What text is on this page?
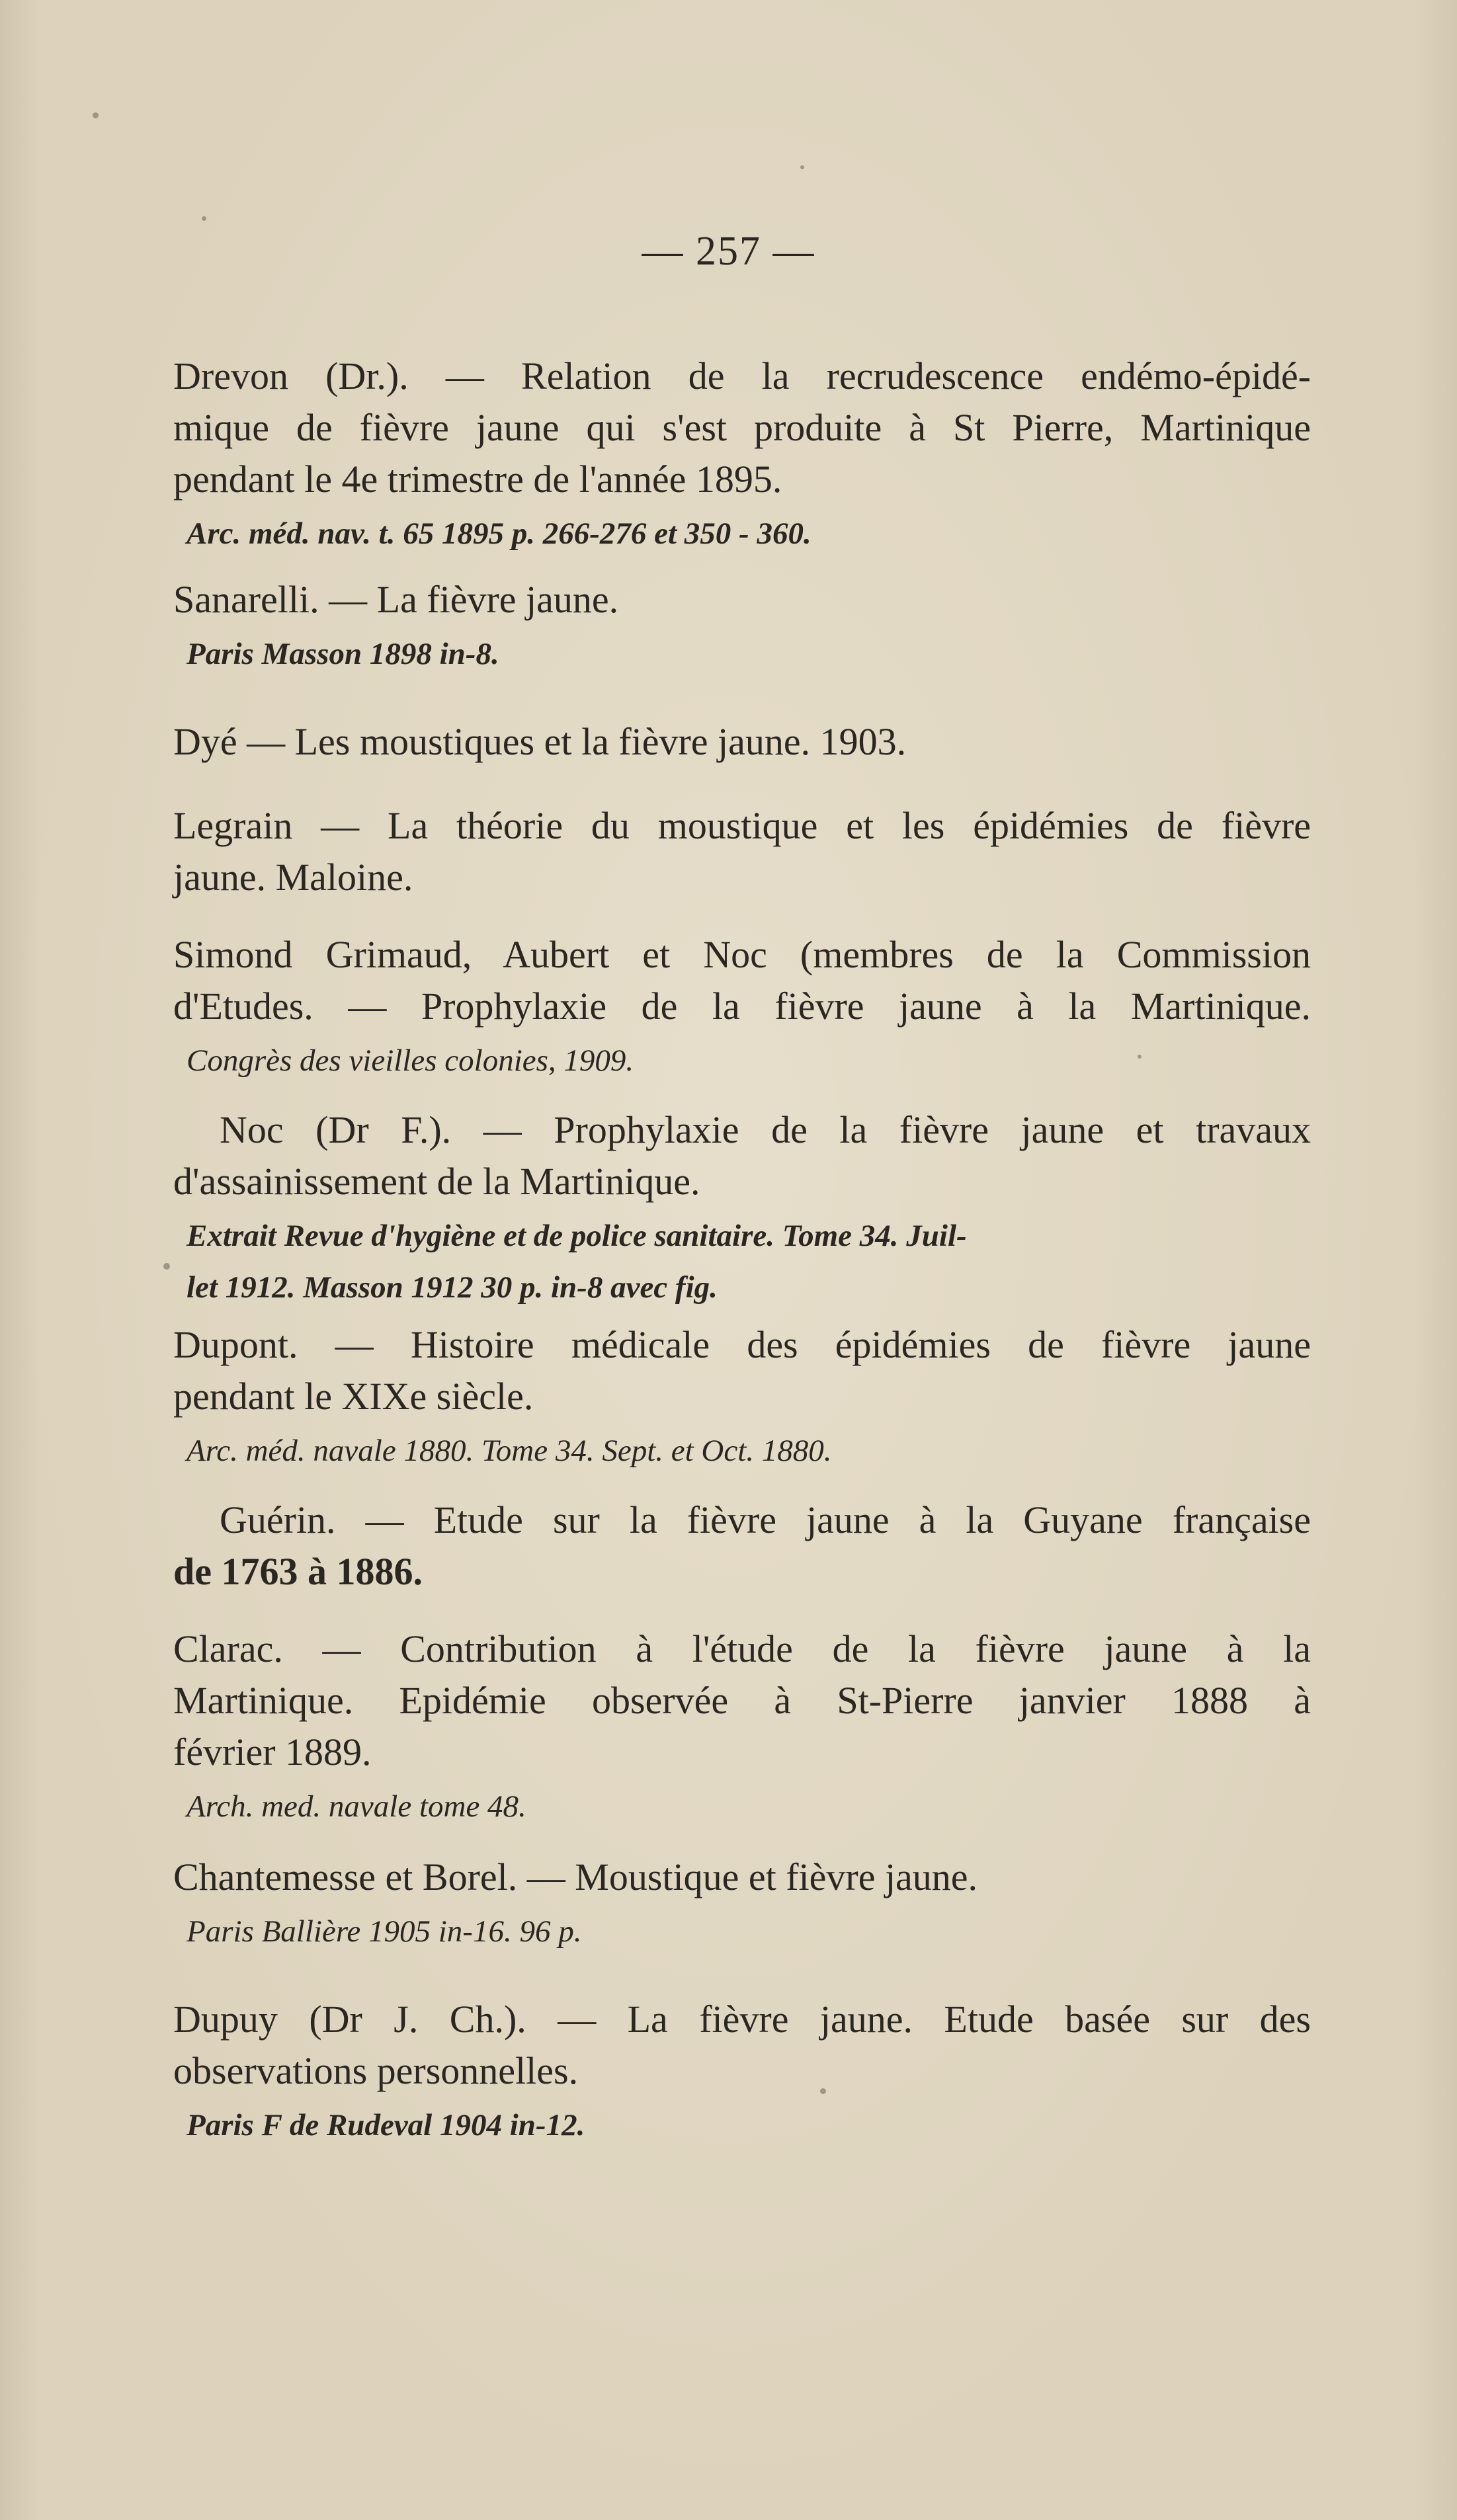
— 257 —
Drevon (Dr.). — Relation de la recrudescence endémo-épidé-
mique de fièvre jaune qui s'est produite à St Pierre, Martinique
pendant le 4e trimestre de l'année 1895.
Arc. méd. nav. t. 65 1895 p. 266-276 et 350 - 360.
Sanarelli. — La fièvre jaune.
Paris Masson 1898 in-8.
Dyé — Les moustiques et la fièvre jaune. 1903.
Legrain — La théorie du moustique et les épidémies de fièvre
jaune. Maloine.
Simond Grimaud, Aubert et Noc (membres de la Commission
d'Etudes. — Prophylaxie de la fièvre jaune à la Martinique.
Congrès des vieilles colonies, 1909.
Noc (Dr F.). — Prophylaxie de la fièvre jaune et travaux
d'assainissement de la Martinique.
Extrait Revue d'hygiène et de police sanitaire. Tome 34. Juil-
let 1912. Masson 1912 30 p. in-8 avec fig.
Dupont. — Histoire médicale des épidémies de fièvre jaune
pendant le XIXe siècle.
Arc. méd. navale 1880. Tome 34. Sept. et Oct. 1880.
Guérin. — Etude sur la fièvre jaune à la Guyane française
de 1763 à 1886.
Clarac. — Contribution à l'étude de la fièvre jaune à la
Martinique. Epidémie observée à St-Pierre janvier 1888 à
février 1889.
Arch. med. navale tome 48.
Chantemesse et Borel. — Moustique et fièvre jaune.
Paris Ballière 1905 in-16. 96 p.
Dupuy (Dr J. Ch.). — La fièvre jaune. Etude basée sur des
observations personnelles.
Paris F de Rudeval 1904 in-12.
